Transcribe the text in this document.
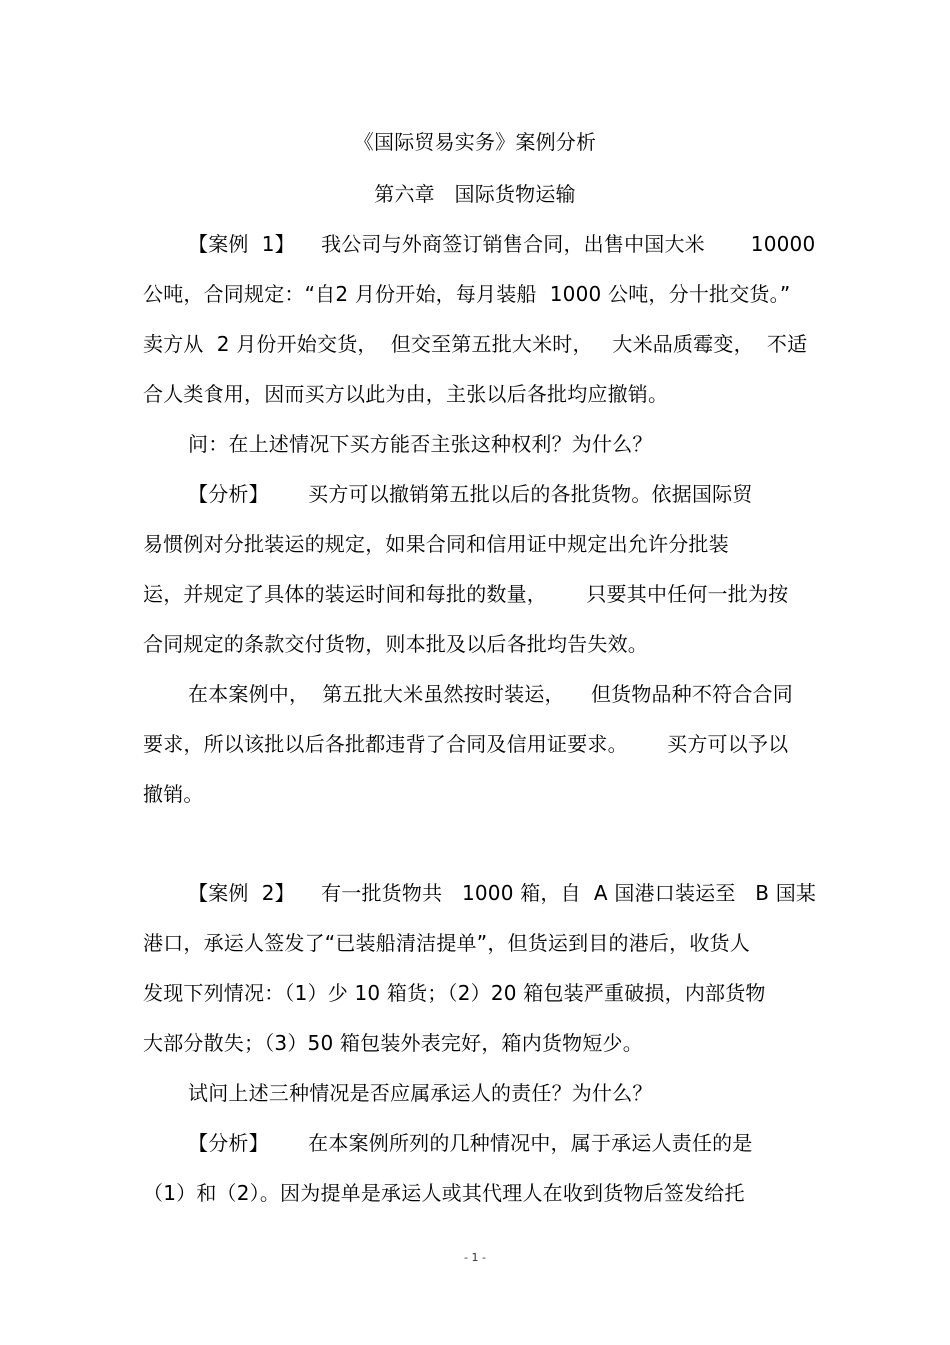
《国际贸易实务》案例分析
第六章   国际货物运输
【案例  1】    我公司与外商签订销售合同，出售中国大米       10000
公吨，合同规定：“自2 月份开始，每月装船  1000 公吨，分十批交货。”
卖方从  2 月份开始交货，  但交至第五批大米时，   大米品质霉变，  不适
合人类食用，因而买方以此为由，主张以后各批均应撤销。
问：在上述情况下买方能否主张这种权利？为什么？
【分析】      买方可以撤销第五批以后的各批货物。依据国际贸
易惯例对分批装运的规定，如果合同和信用证中规定出允许分批装
运，并规定了具体的装运时间和每批的数量，      只要其中任何一批为按
合同规定的条款交付货物，则本批及以后各批均告失效。
在本案例中，  第五批大米虽然按时装运，    但货物品种不符合合同
要求，所以该批以后各批都违背了合同及信用证要求。      买方可以予以
撤销。
【案例  2】    有一批货物共   1000 箱，自  A 国港口装运至   B 国某
港口，承运人签发了“已装船清洁提单”，但货运到目的港后，收货人
发现下列情况：（1）少 10 箱货；（2）20 箱包装严重破损，内部货物
大部分散失；（3）50 箱包装外表完好，箱内货物短少。
试问上述三种情况是否应属承运人的责任？为什么？
【分析】      在本案例所列的几种情况中，属于承运人责任的是
（1）和（2）。因为提单是承运人或其代理人在收到货物后签发给托
- 1 -
